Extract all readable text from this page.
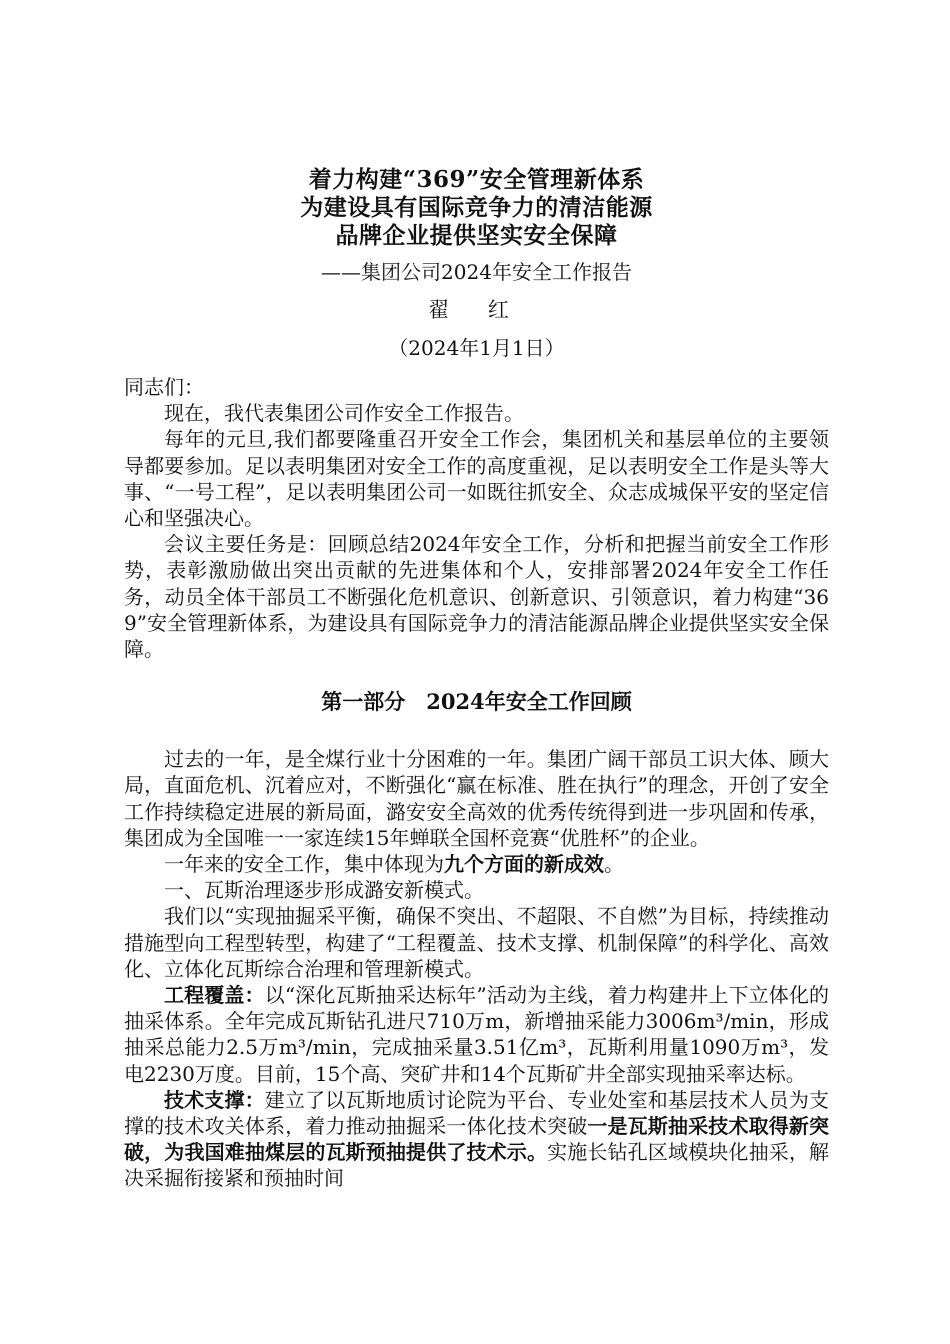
着力构建“369”安全管理新体系

为建设具有国际竞争力的清洁能源

品牌企业提供坚实安全保障

——集团公司2024年安全工作报告
翟 红
（2024年1月1日）

同志们：

现在，我代表集团公司作安全工作报告。

每年的元旦,我们都要隆重召开安全工作会，集团机关和基层单位的主要领导都要参加。足以表明集团对安全工作的高度重视，足以表明安全工作是头等大事、“一号工程”，足以表明集团公司一如既往抓安全、众志成城保平安的坚定信心和坚强决心。

会议主要任务是：回顾总结2024年安全工作，分析和把握当前安全工作形势，表彰激励做出突出贡献的先进集体和个人，安排部署2024年安全工作任务，动员全体干部员工不断强化危机意识、创新意识、引领意识，着力构建“369”安全管理新体系，为建设具有国际竞争力的清洁能源品牌企业提供坚实安全保障。

第一部分　2024年安全工作回顾

过去的一年，是全煤行业十分困难的一年。集团广阔干部员工识大体、顾大局，直面危机、沉着应对，不断强化“赢在标准、胜在执行”的理念，开创了安全工作持续稳定进展的新局面，潞安安全高效的优秀传统得到进一步巩固和传承，集团成为全国唯一一家连续15年蝉联全国杯竞赛“优胜杯”的企业。

一年来的安全工作，集中体现为九个方面的新成效。

一、瓦斯治理逐步形成潞安新模式。

我们以“实现抽掘采平衡，确保不突出、不超限、不自燃”为目标，持续推动措施型向工程型转型，构建了“工程覆盖、技术支撑、机制保障”的科学化、高效化、立体化瓦斯综合治理和管理新模式。

工程覆盖：以“深化瓦斯抽采达标年”活动为主线，着力构建井上下立体化的抽采体系。全年完成瓦斯钻孔进尺710万m，新增抽采能力3006m³/min，形成抽采总能力2.5万m³/min，完成抽采量3.51亿m³，瓦斯利用量1090万m³，发电2230万度。目前，15个高、突矿井和14个瓦斯矿井全部实现抽采率达标。

技术支撑：建立了以瓦斯地质讨论院为平台、专业处室和基层技术人员为支撑的技术攻关体系，着力推动抽掘采一体化技术突破一是瓦斯抽采技术取得新突破，为我国难抽煤层的瓦斯预抽提供了技术示。实施长钻孔区域模块化抽采，解决采掘衔接紧和预抽时间
